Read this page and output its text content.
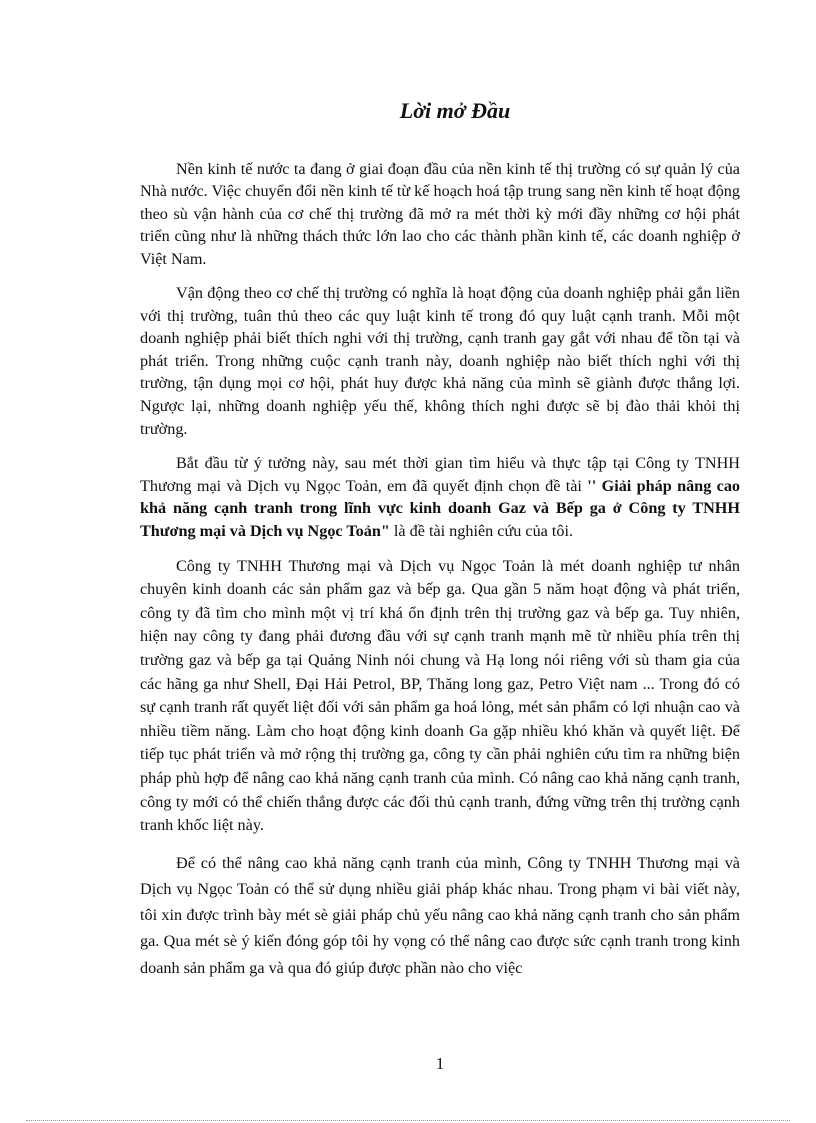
Lời mở Đầu

Nền kinh tế nước ta đang ở giai đoạn đầu của nền kinh tế thị trường có sự quản lý của Nhà nước. Việc chuyển đổi nền kinh tế từ kế hoạch hoá tập trung sang nền kinh tế hoạt động theo sù vận hành của cơ chế thị trường đã mở ra mét thời kỳ mới đầy những cơ hội phát triển cũng như là những thách thức lớn lao cho các thành phần kinh tế, các doanh nghiệp ở Việt Nam.

Vận động theo cơ chế thị trường có nghĩa là hoạt động của doanh nghiệp phải gắn liền với thị trường, tuân thủ theo các quy luật kinh tế trong đó quy luật cạnh tranh. Mỗi một doanh nghiệp phải biết thích nghi với thị trường, cạnh tranh gay gắt với nhau để tồn tại và phát triển. Trong những cuộc cạnh tranh này, doanh nghiệp nào biết thích nghi với thị trường, tận dụng mọi cơ hội, phát huy được khả năng của mình sẽ giành được thắng lợi. Ngược lại, những doanh nghiệp yếu thế, không thích nghi được sẽ bị đào thải khỏi thị trường.

Bắt đầu từ ý tưởng này, sau mét thời gian tìm hiểu và thực tập tại Công ty TNHH Thương mại và Dịch vụ Ngọc Toản, em đã quyết định chọn đề tài '' Giải pháp nâng cao khả năng cạnh tranh trong lĩnh vực kinh doanh Gaz và Bếp ga ở Công ty TNHH Thương mại và Dịch vụ Ngọc Toản" là đề tài nghiên cứu của tôi.

Công ty TNHH Thương mại và Dịch vụ Ngọc Toản là mét doanh nghiệp tư nhân chuyên kinh doanh các sản phẩm gaz và bếp ga. Qua gần 5 năm hoạt động và phát triển, công ty đã tìm cho mình một vị trí khá ổn định trên thị trường gaz và bếp ga. Tuy nhiên, hiện nay công ty đang phải đương đầu với sự cạnh tranh mạnh mẽ từ nhiều phía trên thị trường gaz và bếp ga tại Quảng Ninh nói chung và Hạ long nói riêng với sù tham gia của các hãng ga như Shell, Đại Hải Petrol, BP, Thăng long gaz, Petro Việt nam ... Trong đó có sự cạnh tranh rất quyết liệt đối với sản phẩm ga hoá lỏng, mét sản phẩm có lợi nhuận cao và nhiều tiềm năng. Làm cho hoạt động kinh doanh Ga gặp nhiều khó khăn và quyết liệt. Để tiếp tục phát triển và mở rộng thị trường ga, công ty cần phải nghiên cứu tìm ra những biện pháp phù hợp để nâng cao khả năng cạnh tranh của mình. Có nâng cao khả năng cạnh tranh, công ty mới có thể chiến thắng được các đối thủ cạnh tranh, đứng vững trên thị trường cạnh tranh khốc liệt này.

Để có thể nâng cao khả năng cạnh tranh của mình, Công ty TNHH Thương mại và Dịch vụ Ngọc Toản có thể sử dụng nhiều giải pháp khác nhau. Trong phạm vi bài viết này, tôi xin được trình bày mét sè giải pháp chủ yếu nâng cao khả năng cạnh tranh cho sản phẩm ga. Qua mét sè ý kiến đóng góp tôi hy vọng có thể nâng cao được sức cạnh tranh trong kinh doanh sản phẩm ga và qua đó giúp được phần nào cho việc

1
